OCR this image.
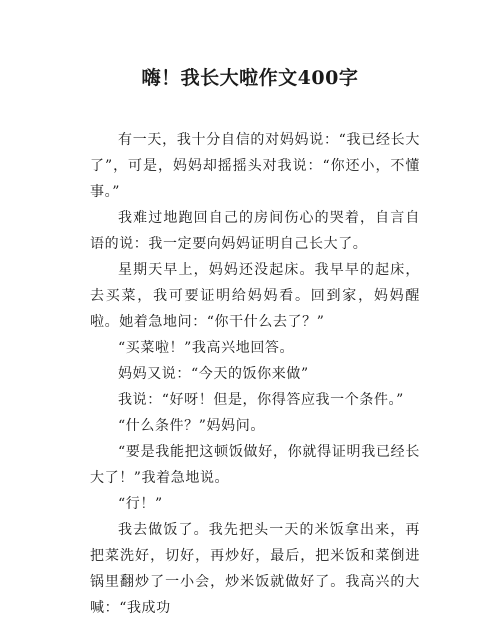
嗨！我长大啦作文400字

有一天，我十分自信的对妈妈说：“我已经长大了”，可是，妈妈却摇摇头对我说：“你还小，不懂事。”

我难过地跑回自己的房间伤心的哭着，自言自语的说：我一定要向妈妈证明自己长大了。

星期天早上，妈妈还没起床。我早早的起床，去买菜，我可要证明给妈妈看。回到家，妈妈醒啦。她着急地问：“你干什么去了？”

“买菜啦！”我高兴地回答。

妈妈又说：“今天的饭你来做”

我说：“好呀！但是，你得答应我一个条件。”

“什么条件？”妈妈问。

“要是我能把这顿饭做好，你就得证明我已经长大了！”我着急地说。

“行！”

我去做饭了。我先把头一天的米饭拿出来，再把菜洗好，切好，再炒好，最后，把米饭和菜倒进锅里翻炒了一小会，炒米饭就做好了。我高兴的大喊：“我成功
